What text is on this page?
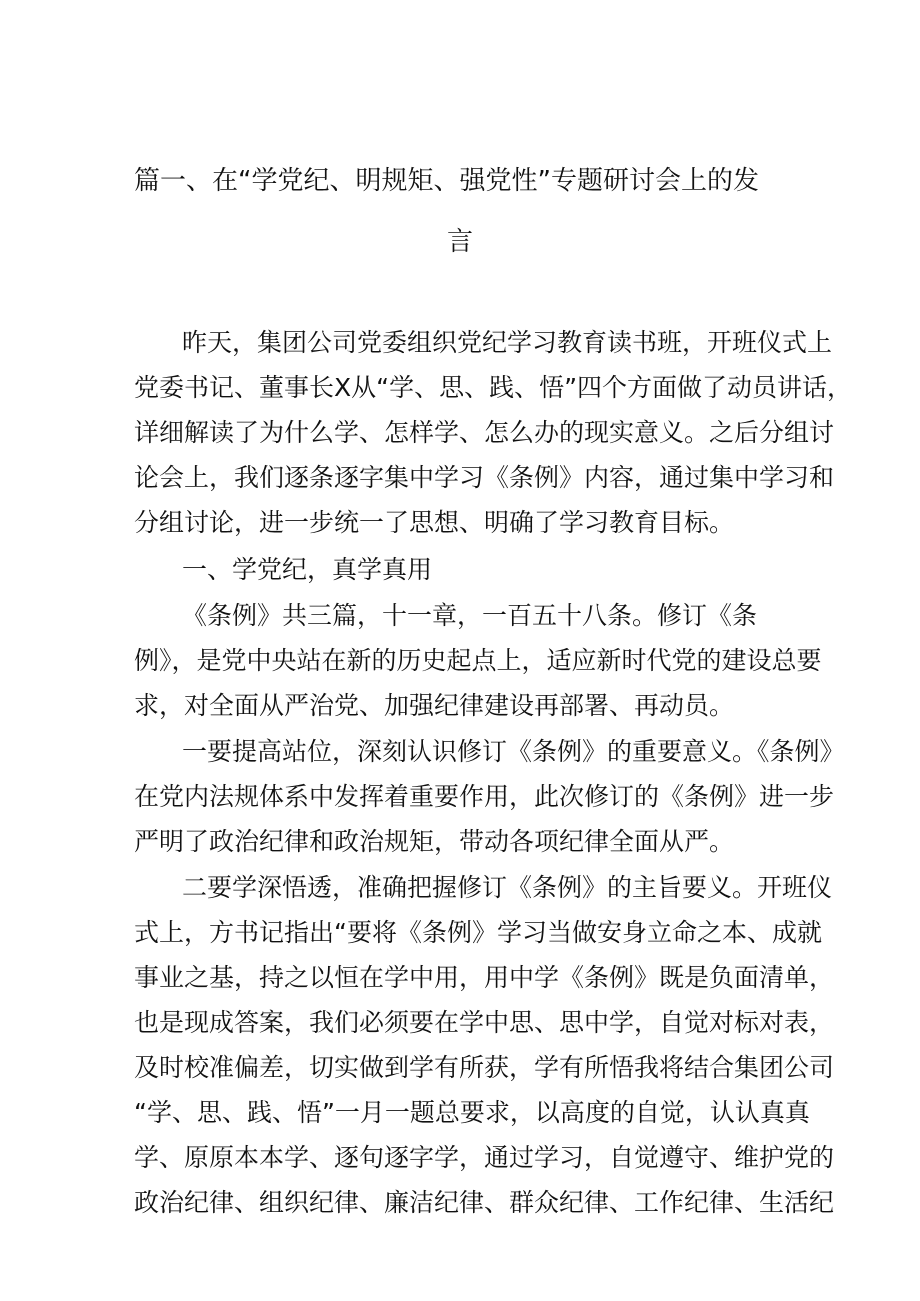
篇一、在“学党纪、明规矩、强党性”专题研讨会上的发
言
昨天，集团公司党委组织党纪学习教育读书班，开班仪式上
党委书记、董事长X从“学、思、践、悟”四个方面做了动员讲话，
详细解读了为什么学、怎样学、怎么办的现实意义。之后分组讨
论会上，我们逐条逐字集中学习《条例》内容，通过集中学习和
分组讨论，进一步统一了思想、明确了学习教育目标。
一、学党纪，真学真用
《条例》共三篇，十一章，一百五十八条。修订《条
例》，是党中央站在新的历史起点上，适应新时代党的建设总要
求，对全面从严治党、加强纪律建设再部署、再动员。
一要提高站位，深刻认识修订《条例》的重要意义。《条例》
在党内法规体系中发挥着重要作用，此次修订的《条例》进一步
严明了政治纪律和政治规矩，带动各项纪律全面从严。
二要学深悟透，准确把握修订《条例》的主旨要义。开班仪
式上，方书记指出“要将《条例》学习当做安身立命之本、成就
事业之基，持之以恒在学中用，用中学《条例》既是负面清单，
也是现成答案，我们必须要在学中思、思中学，自觉对标对表，
及时校准偏差，切实做到学有所获，学有所悟我将结合集团公司
“学、思、践、悟”一月一题总要求，以高度的自觉，认认真真
学、原原本本学、逐句逐字学，通过学习，自觉遵守、维护党的
政治纪律、组织纪律、廉洁纪律、群众纪律、工作纪律、生活纪
